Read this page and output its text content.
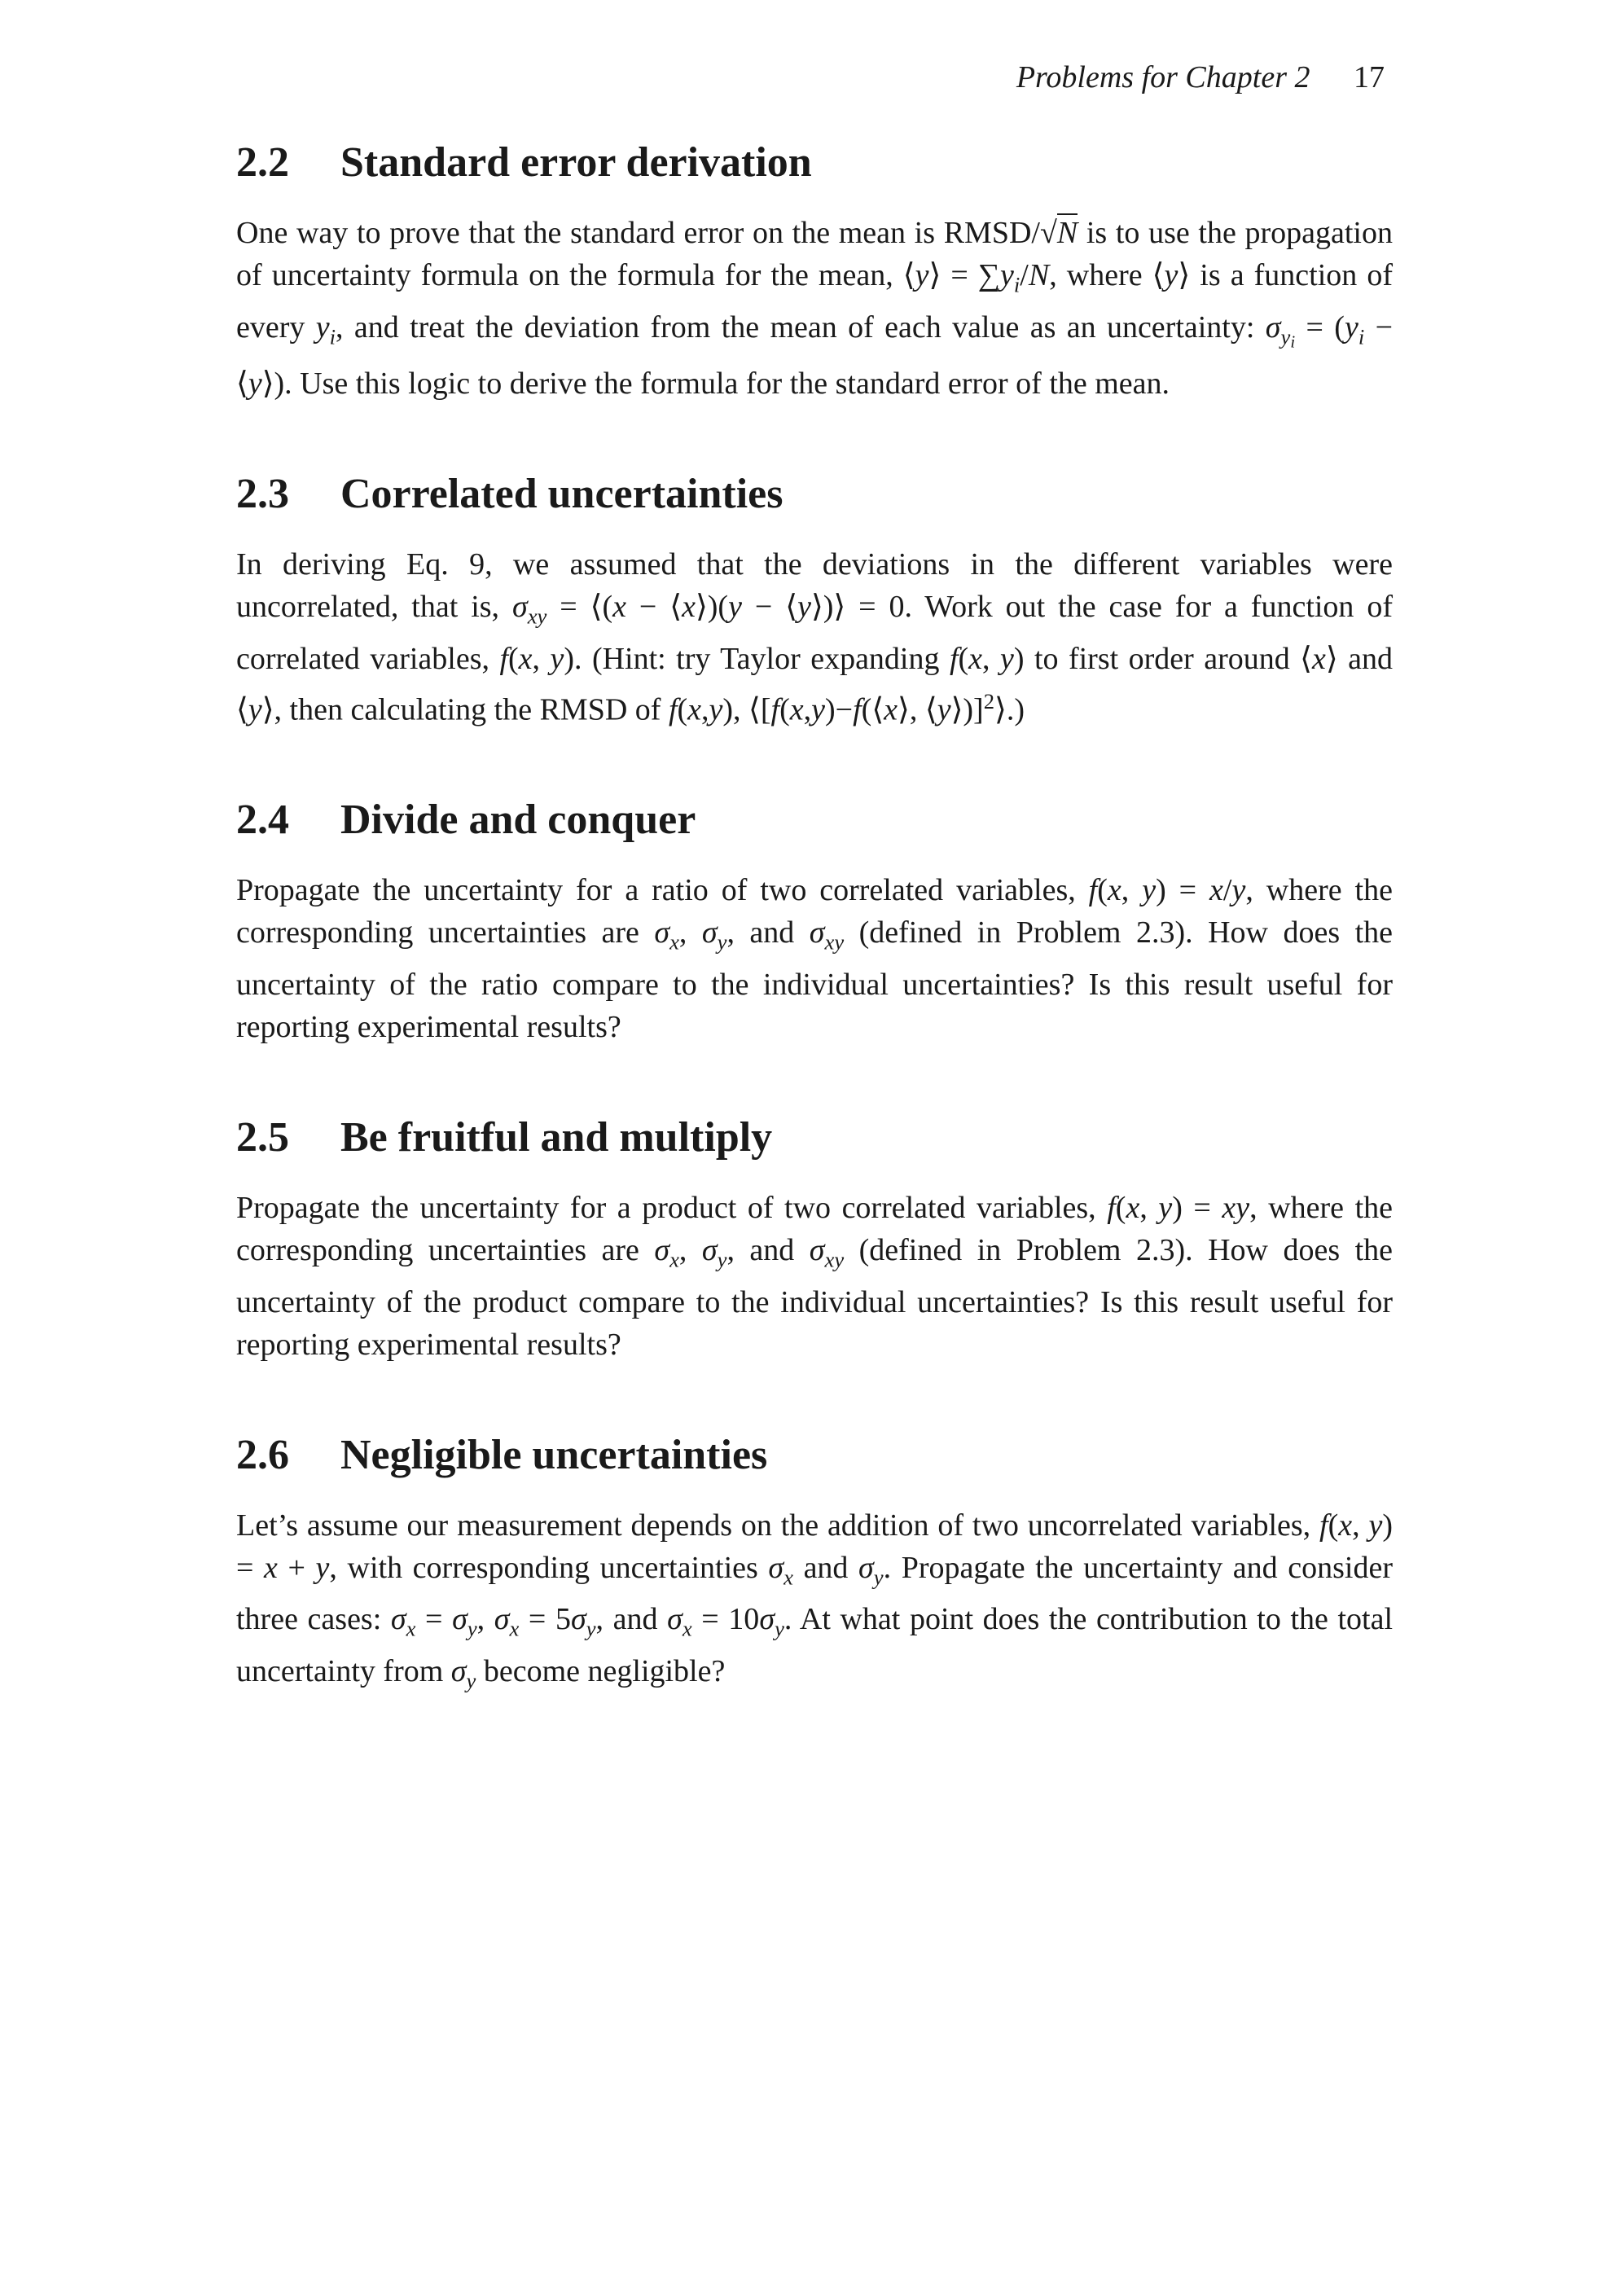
Problems for Chapter 2 17
2.2 Standard error derivation

One way to prove that the standard error on the mean is RMSD/√N is to use the propagation of uncertainty formula on the formula for the mean, ⟨y⟩ = $\sum y_i/N$, where ⟨y⟩ is a function of every $y_i$, and treat the deviation from the mean of each value as an uncertainty: $\sigma_{yi} = (y_i$ − ⟨y⟩). Use this logic to derive the formula for the standard error of the mean.

2.3 Correlated uncertainties

In deriving Eq. 9, we assumed that the deviations in the different variables were uncorrelated, that is, $\sigma_{xy}$ = ⟨(x − ⟨x⟩)(y − ⟨y⟩)⟩ = 0. Work out the case for a function of correlated variables, f(x, y). (Hint: try Taylor expanding f(x, y) to first order around ⟨x⟩ and ⟨y⟩, then calculating the RMSD of f(x,y), ⟨[f(x,y)−f(⟨x⟩, ⟨y⟩)]$^2$⟩.)

2.4 Divide and conquer

Propagate the uncertainty for a ratio of two correlated variables, f(x, y) = x/y, where the corresponding uncertainties are $\sigma_x$, $\sigma_y$, and $\sigma_{xy}$ (defined in Problem 2.3). How does the uncertainty of the ratio compare to the individual uncertainties? Is this result useful for reporting experimental results?

2.5 Be fruitful and multiply

Propagate the uncertainty for a product of two correlated variables, f(x, y) = xy, where the corresponding uncertainties are $\sigma_x$, $\sigma_y$, and $\sigma_{xy}$ (defined in Problem 2.3). How does the uncertainty of the product compare to the individual uncertainties? Is this result useful for reporting experimental results?

2.6 Negligible uncertainties

Let’s assume our measurement depends on the addition of two uncorrelated variables, f(x, y) = x + y, with corresponding uncertainties $\sigma_x$ and $\sigma_y$. Propagate the uncertainty and consider three cases: $\sigma_x = \sigma_y$, $\sigma_x = 5\sigma_y$, and $\sigma_x = 10\sigma_y$. At what point does the contribution to the total uncertainty from $\sigma_y$ become negligible?
